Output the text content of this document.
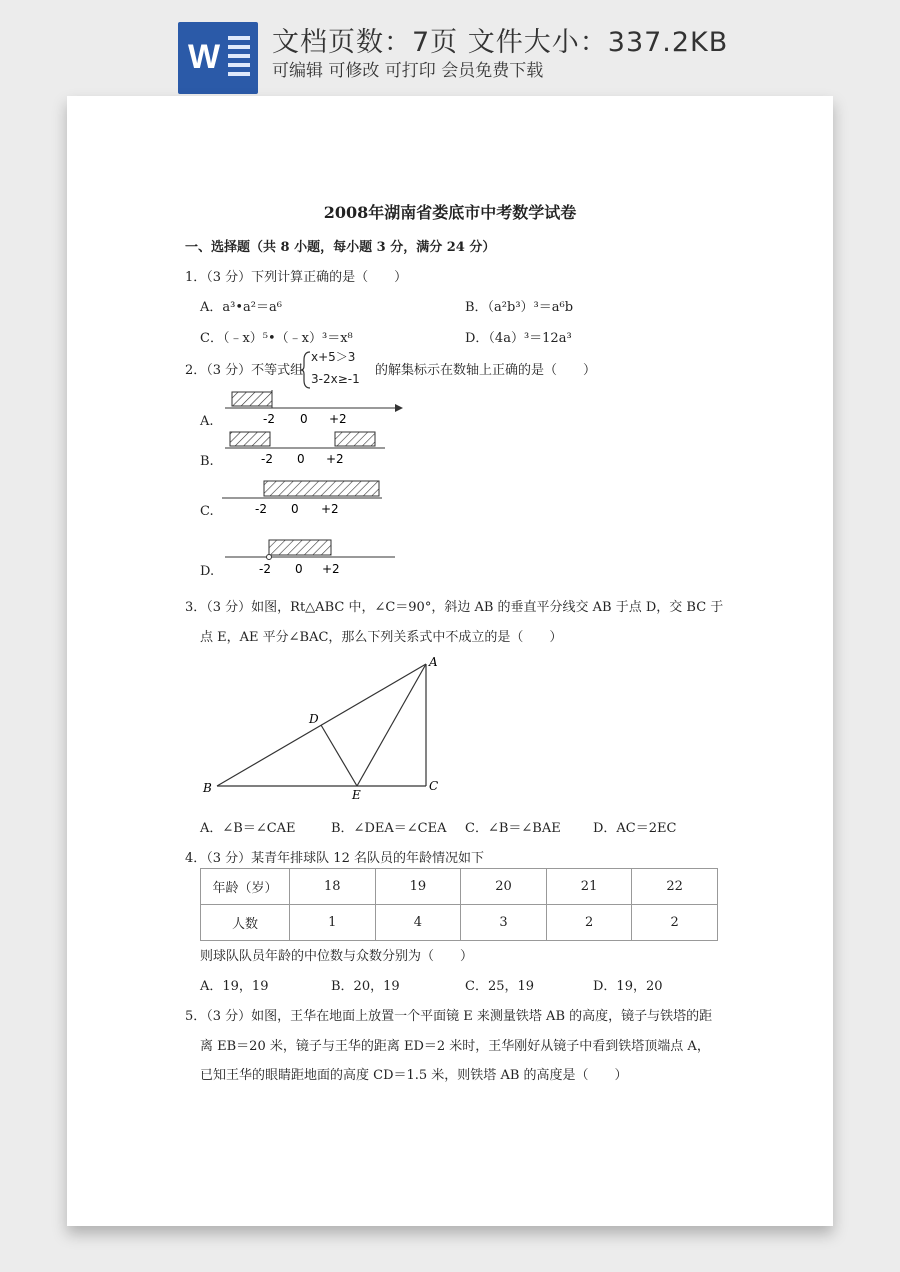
W 文档页数：7页 文件大小：337.2KB
可编辑 可修改 可打印 会员免费下载
2008年湖南省娄底市中考数学试卷
一、选择题（共 8 小题，每小题 3 分，满分 24 分）
1．（3 分）下列计算正确的是（　　）
A．a³•a²＝a⁶	B．（a²b³）³＝a⁶b
C．（﹣x）⁵•（﹣x）³＝x⁸	D．（4a）³＝12a³
2．（3 分）不等式组
x+5＞3
3-2x≥-1
的解集标示在数轴上正确的是（　　）
A.
B.
C.
D.
-2 0 +2
-2 0 +2
-2 0 +2
-2 0 +2
3．（3 分）如图，Rt△ABC 中，∠C＝90°，斜边 AB 的垂直平分线交 AB 于点 D，交 BC 于
点 E，AE 平分∠BAC，那么下列关系式中不成立的是（　　）
A
B	C
D
E
A．∠B＝∠CAE	B．∠DEA＝∠CEA C．∠B＝∠BAE D．AC＝2EC
4．（3 分）某青年排球队 12 名队员的年龄情况如下
年龄（岁）	18	19	20	21	22
人数	1	4	3	2	2
则球队队员年龄的中位数与众数分别为（　　）
A．19，19	B．20，19	C．25，19	D．19，20
5．（3 分）如图，王华在地面上放置一个平面镜 E 来测量铁塔 AB 的高度，镜子与铁塔的距
离 EB＝20 米，镜子与王华的距离 ED＝2 米时，王华刚好从镜子中看到铁塔顶端点 A，
已知王华的眼睛距地面的高度 CD＝1.5 米，则铁塔 AB 的高度是（　　）
